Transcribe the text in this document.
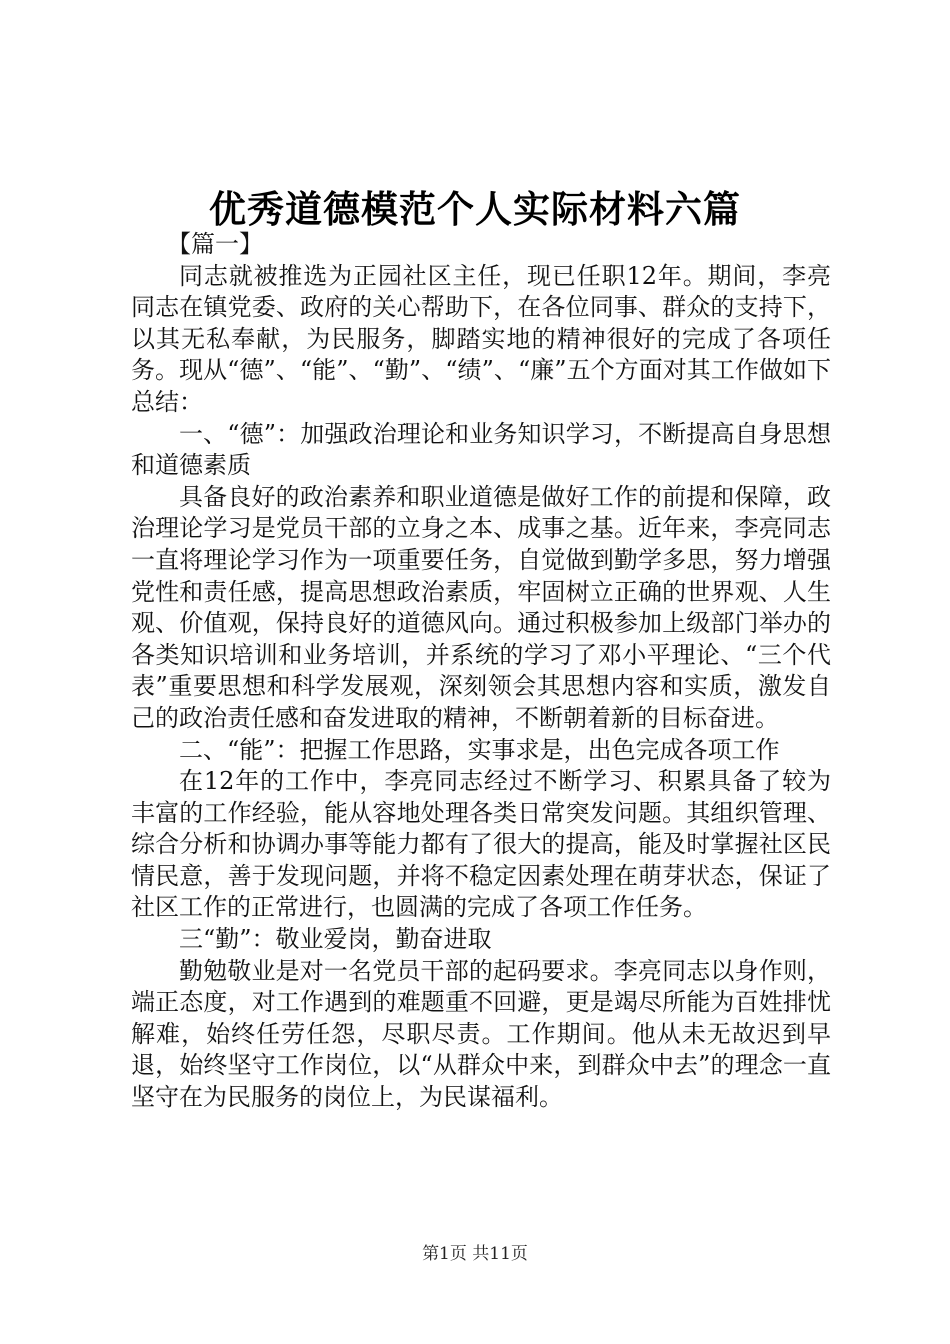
优秀道德模范个人实际材料六篇

【篇一】

同志就被推选为正园社区主任，现已任职12年。期间，李亮同志在镇党委、政府的关心帮助下，在各位同事、群众的支持下，以其无私奉献，为民服务，脚踏实地的精神很好的完成了各项任务。现从“德”、“能”、“勤”、“绩”、“廉”五个方面对其工作做如下总结：

一、“德”：加强政治理论和业务知识学习，不断提高自身思想和道德素质

具备良好的政治素养和职业道德是做好工作的前提和保障，政治理论学习是党员干部的立身之本、成事之基。近年来，李亮同志一直将理论学习作为一项重要任务，自觉做到勤学多思，努力增强党性和责任感，提高思想政治素质，牢固树立正确的世界观、人生观、价值观，保持良好的道德风向。通过积极参加上级部门举办的各类知识培训和业务培训，并系统的学习了邓小平理论、“三个代表”重要思想和科学发展观，深刻领会其思想内容和实质，激发自己的政治责任感和奋发进取的精神，不断朝着新的目标奋进。

二、“能”：把握工作思路，实事求是，出色完成各项工作

在12年的工作中，李亮同志经过不断学习、积累具备了较为丰富的工作经验，能从容地处理各类日常突发问题。其组织管理、综合分析和协调办事等能力都有了很大的提高，能及时掌握社区民情民意，善于发现问题，并将不稳定因素处理在萌芽状态，保证了社区工作的正常进行，也圆满的完成了各项工作任务。

三“勤”：敬业爱岗，勤奋进取

勤勉敬业是对一名党员干部的起码要求。李亮同志以身作则，端正态度，对工作遇到的难题重不回避，更是竭尽所能为百姓排忧解难，始终任劳任怨，尽职尽责。工作期间。他从未无故迟到早退，始终坚守工作岗位，以“从群众中来，到群众中去”的理念一直坚守在为民服务的岗位上，为民谋福利。

第1页 共11页
